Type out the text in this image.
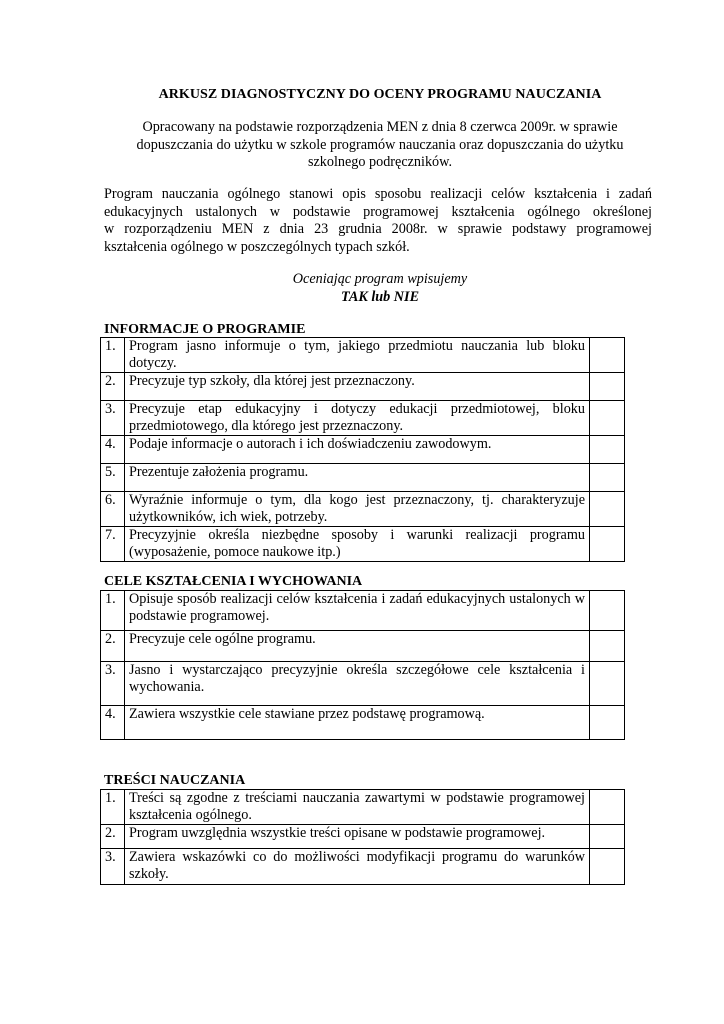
ARKUSZ DIAGNOSTYCZNY DO OCENY PROGRAMU NAUCZANIA
Opracowany na podstawie rozporządzenia MEN z dnia 8 czerwca 2009r. w sprawie dopuszczania do użytku w szkole programów nauczania oraz dopuszczania do użytku szkolnego podręczników.
Program nauczania ogólnego stanowi opis sposobu realizacji celów kształcenia i zadań
edukacyjnych ustalonych w podstawie programowej kształcenia ogólnego określonej
w rozporządzeniu MEN z dnia 23 grudnia 2008r. w sprawie podstawy programowej
kształcenia ogólnego w poszczególnych typach szkół.
Oceniając program wpisujemy
TAK lub NIE
INFORMACJE O PROGRAMIE
1.	Program jasno informuje o tym, jakiego przedmiotu nauczania lub bloku dotyczy.	
2.	Precyzuje typ szkoły, dla której jest przeznaczony.	
3.	Precyzuje etap edukacyjny i dotyczy edukacji przedmiotowej, bloku przedmiotowego, dla którego jest przeznaczony.	
4.	Podaje informacje o autorach i ich doświadczeniu zawodowym.	
5.	Prezentuje założenia programu.	
6.	Wyraźnie informuje o tym, dla kogo jest przeznaczony, tj. charakteryzuje użytkowników, ich wiek, potrzeby.	
7.	Precyzyjnie określa niezbędne sposoby i warunki realizacji programu (wyposażenie, pomoce naukowe itp.)	
CELE KSZTAŁCENIA I WYCHOWANIA
1.	Opisuje sposób realizacji celów kształcenia i zadań edukacyjnych ustalonych w podstawie programowej.	
2.	Precyzuje cele ogólne programu.	
3.	Jasno i wystarczająco precyzyjnie określa szczegółowe cele kształcenia i wychowania.	
4.	Zawiera wszystkie cele stawiane przez podstawę programową.	
TREŚCI NAUCZANIA
1.	Treści są zgodne z treściami nauczania zawartymi w podstawie programowej kształcenia ogólnego.	
2.	Program uwzględnia wszystkie treści opisane w podstawie programowej.	
3.	Zawiera wskazówki co do możliwości modyfikacji programu do warunków szkoły.	
